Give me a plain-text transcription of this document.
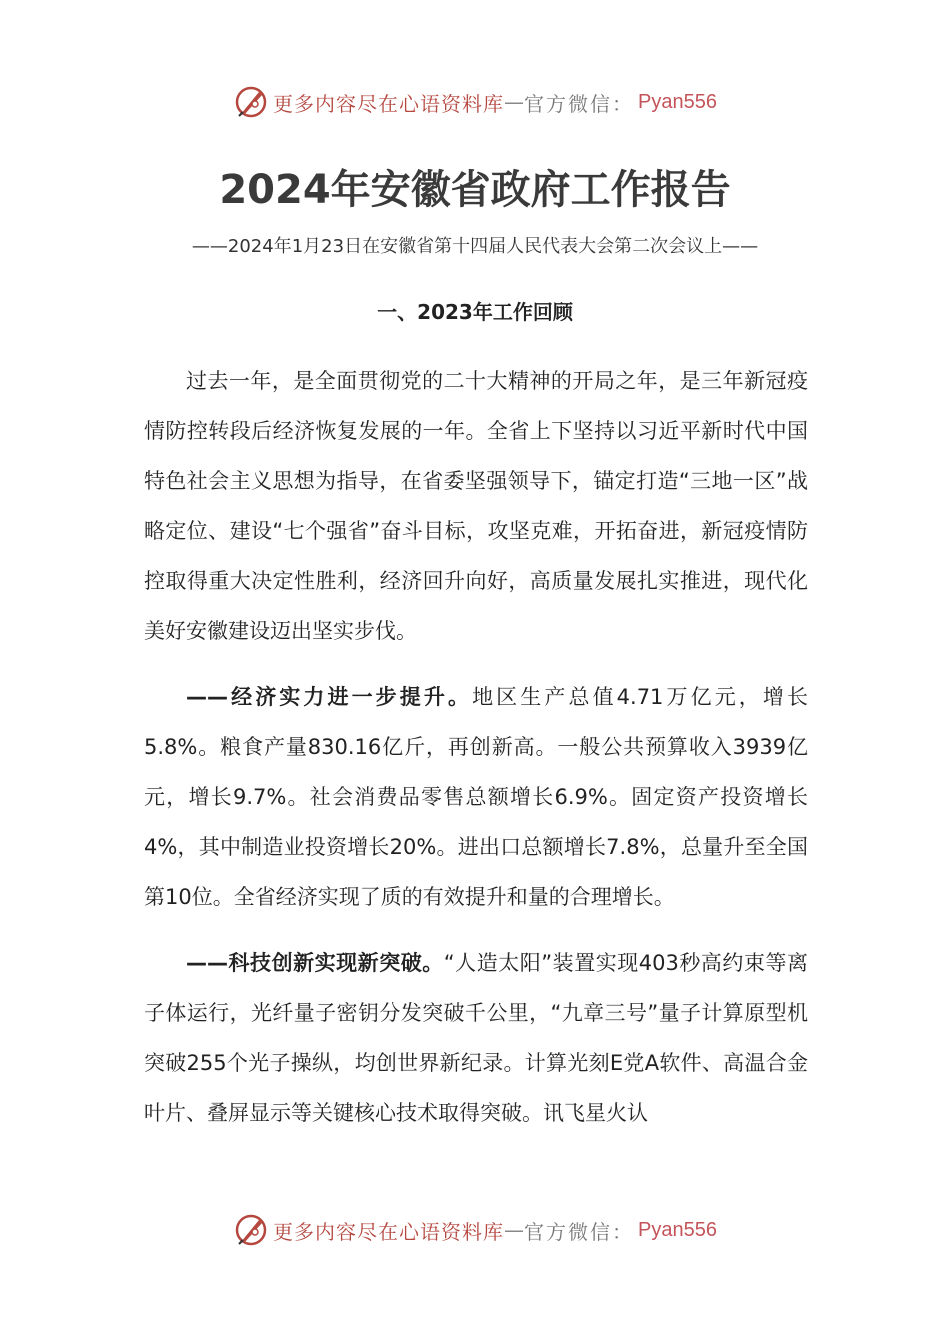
更多内容尽在心语资料库 — 官方微信： Pyan556
2024年安徽省政府工作报告

——2024年1月23日在安徽省第十四届人民代表大会第二次会议上——

一、2023年工作回顾

过去一年，是全面贯彻党的二十大精神的开局之年，是三年新冠疫情防控转段后经济恢复发展的一年。全省上下坚持以习近平新时代中国特色社会主义思想为指导，在省委坚强领导下，锚定打造“三地一区”战略定位、建设“七个强省”奋斗目标，攻坚克难，开拓奋进，新冠疫情防控取得重大决定性胜利，经济回升向好，高质量发展扎实推进，现代化美好安徽建设迈出坚实步伐。

——经济实力进一步提升。地区生产总值4.71万亿元，增长5.8%。粮食产量830.16亿斤，再创新高。一般公共预算收入3939亿元，增长9.7%。社会消费品零售总额增长6.9%。固定资产投资增长4%，其中制造业投资增长20%。进出口总额增长7.8%，总量升至全国第10位。全省经济实现了质的有效提升和量的合理增长。

——科技创新实现新突破。“人造太阳”装置实现403秒高约束等离子体运行，光纤量子密钥分发突破千公里，“九章三号”量子计算原型机突破255个光子操纵，均创世界新纪录。计算光刻E党A软件、高温合金叶片、叠屏显示等关键核心技术取得突破。讯飞星火认

更多内容尽在心语资料库 — 官方微信： Pyan556
